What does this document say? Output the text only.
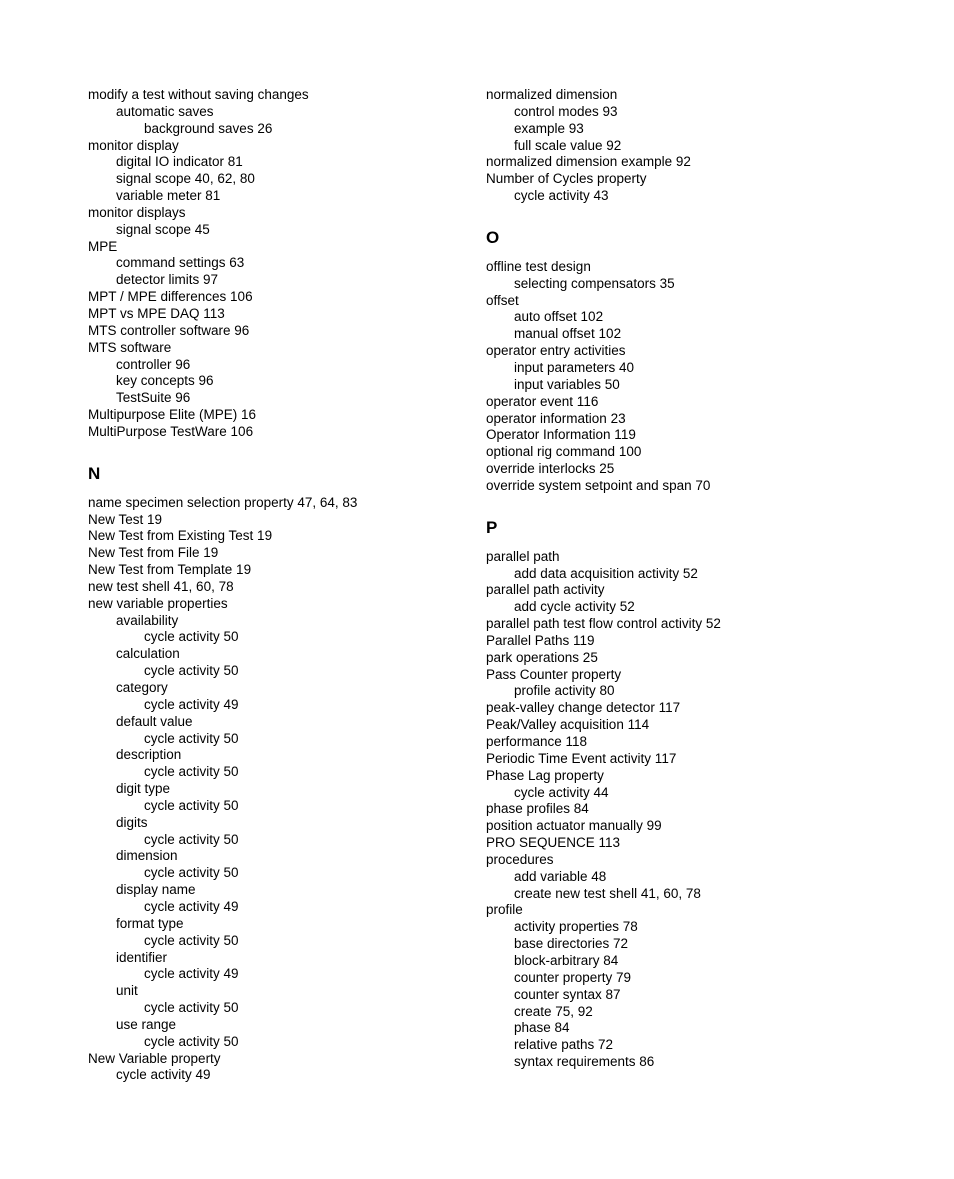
modify a test without saving changes
automatic saves
background saves 26
monitor display
digital IO indicator 81
signal scope 40, 62, 80
variable meter 81
monitor displays
signal scope 45
MPE
command settings 63
detector limits 97
MPT / MPE differences 106
MPT vs MPE DAQ 113
MTS controller software 96
MTS software
controller 96
key concepts 96
TestSuite 96
Multipurpose Elite (MPE) 16
MultiPurpose TestWare 106
N
name specimen selection property 47, 64, 83
New Test 19
New Test from Existing Test 19
New Test from File 19
New Test from Template 19
new test shell 41, 60, 78
new variable properties
availability
cycle activity 50
calculation
cycle activity 50
category
cycle activity 49
default value
cycle activity 50
description
cycle activity 50
digit type
cycle activity 50
digits
cycle activity 50
dimension
cycle activity 50
display name
cycle activity 49
format type
cycle activity 50
identifier
cycle activity 49
unit
cycle activity 50
use range
cycle activity 50
New Variable property
cycle activity 49
normalized dimension
control modes 93
example 93
full scale value 92
normalized dimension example 92
Number of Cycles property
cycle activity 43
O
offline test design
selecting compensators 35
offset
auto offset 102
manual offset 102
operator entry activities
input parameters 40
input variables 50
operator event 116
operator information 23
Operator Information 119
optional rig command 100
override interlocks 25
override system setpoint and span 70
P
parallel path
add data acquisition activity 52
parallel path activity
add cycle activity 52
parallel path test flow control activity 52
Parallel Paths 119
park operations 25
Pass Counter property
profile activity 80
peak-valley change detector 117
Peak/Valley acquisition 114
performance 118
Periodic Time Event activity 117
Phase Lag property
cycle activity 44
phase profiles 84
position actuator manually 99
PRO SEQUENCE 113
procedures
add variable 48
create new test shell 41, 60, 78
profile
activity properties 78
base directories 72
block-arbitrary 84
counter property 79
counter syntax 87
create 75, 92
phase 84
relative paths 72
syntax requirements 86
